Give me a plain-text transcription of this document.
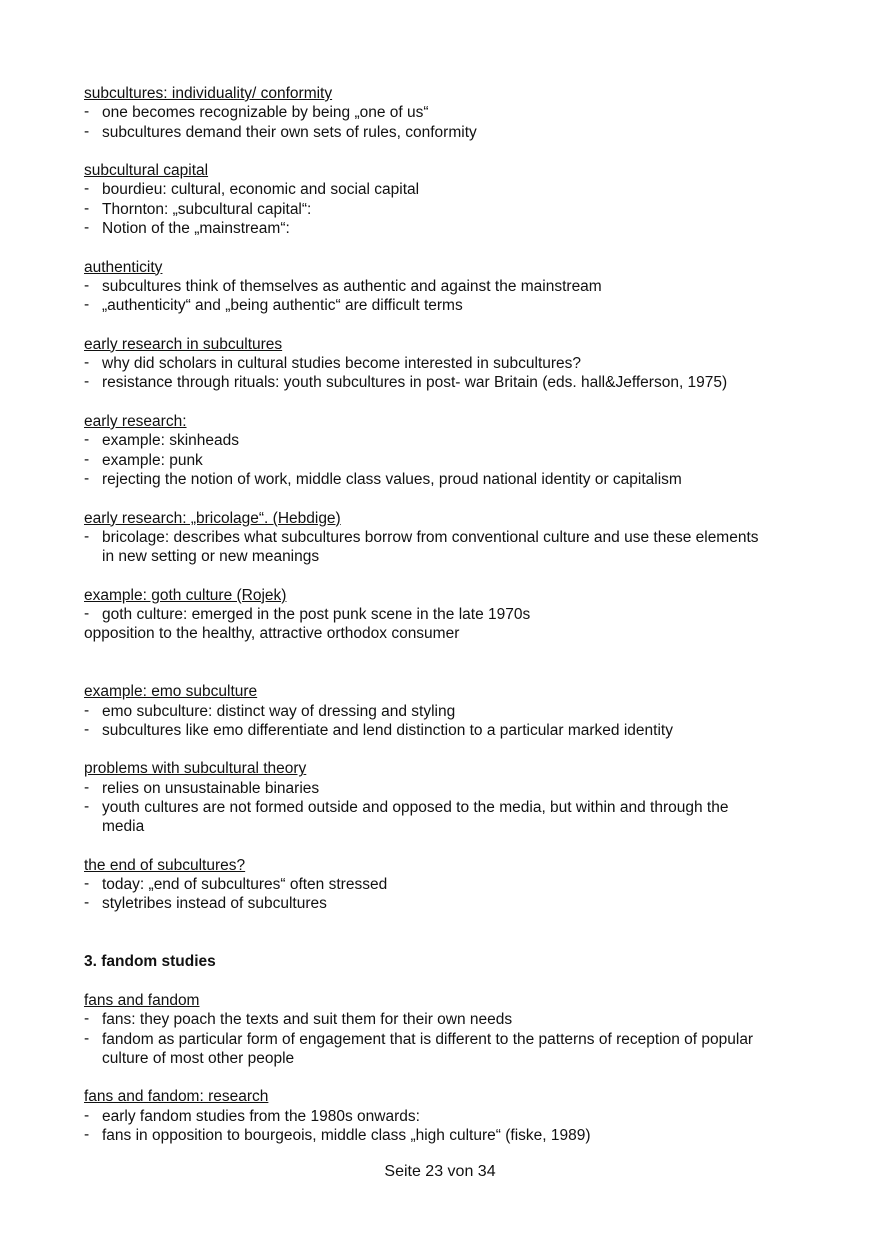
subcultures: individuality/ conformity
- one becomes recognizable by being „one of us“
- subcultures demand their own sets of rules, conformity
subcultural capital
- bourdieu: cultural, economic and social capital
- Thornton: „subcultural capital“:
- Notion of the „mainstream“:
authenticity
- subcultures think of themselves as authentic and against the mainstream
- „authenticity“ and „being authentic“ are difficult terms
early research in subcultures
- why did scholars in cultural studies become interested in subcultures?
- resistance through rituals: youth subcultures in post- war Britain (eds. hall&Jefferson, 1975)
early research:
- example: skinheads
- example: punk
- rejecting the notion of work, middle class values, proud national identity or capitalism
early research: „bricolage“. (Hebdige)
- bricolage: describes what subcultures borrow from conventional culture and use these elements
in new setting or new meanings
example: goth culture (Rojek)
- goth culture: emerged in the post punk scene in the late 1970s
opposition to the healthy, attractive orthodox consumer
example: emo subculture
- emo subculture: distinct way of dressing and styling
- subcultures like emo differentiate and lend distinction to a particular marked identity
problems with subcultural theory
- relies on unsustainable binaries
- youth cultures are not formed outside and opposed to the media, but within and through the
media
the end of subcultures?
- today: „end of subcultures“ often stressed
- styletribes instead of subcultures
3. fandom studies
fans and fandom
- fans: they poach the texts and suit them for their own needs
- fandom as particular form of engagement that is different to the patterns of reception of popular
culture of most other people
fans and fandom: research
- early fandom studies from the 1980s onwards:
- fans in opposition to bourgeois, middle class „high culture“ (fiske, 1989)
Seite 23 von 34
